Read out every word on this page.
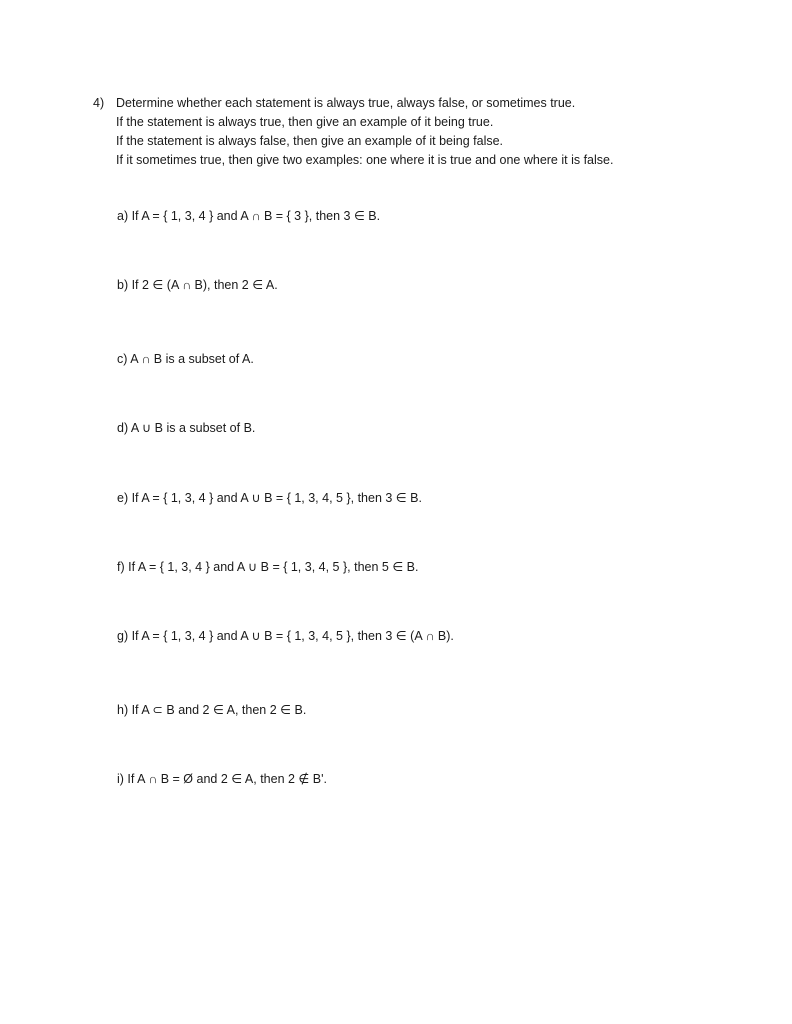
4) Determine whether each statement is always true, always false, or sometimes true.
If the statement is always true, then give an example of it being true.
If the statement is always false, then give an example of it being false.
If it sometimes true, then give two examples: one where it is true and one where it is false.
a) If A = { 1, 3, 4 } and A ∩ B = { 3 }, then 3 ∈ B.
b) If 2 ∈ (A ∩ B), then 2 ∈ A.
c) A ∩ B is a subset of A.
d) A ∪ B is a subset of B.
e) If A = { 1, 3, 4 } and A ∪ B = { 1, 3, 4, 5 }, then 3 ∈ B.
f) If A = { 1, 3, 4 } and A ∪ B = { 1, 3, 4, 5 }, then 5 ∈ B.
g) If A = { 1, 3, 4 } and A ∪ B = { 1, 3, 4, 5 }, then 3 ∈ (A ∩ B).
h) If A ⊂ B and 2 ∈ A, then 2 ∈ B.
i) If A ∩ B = Ø and 2 ∈ A, then 2 ∉ B'.
